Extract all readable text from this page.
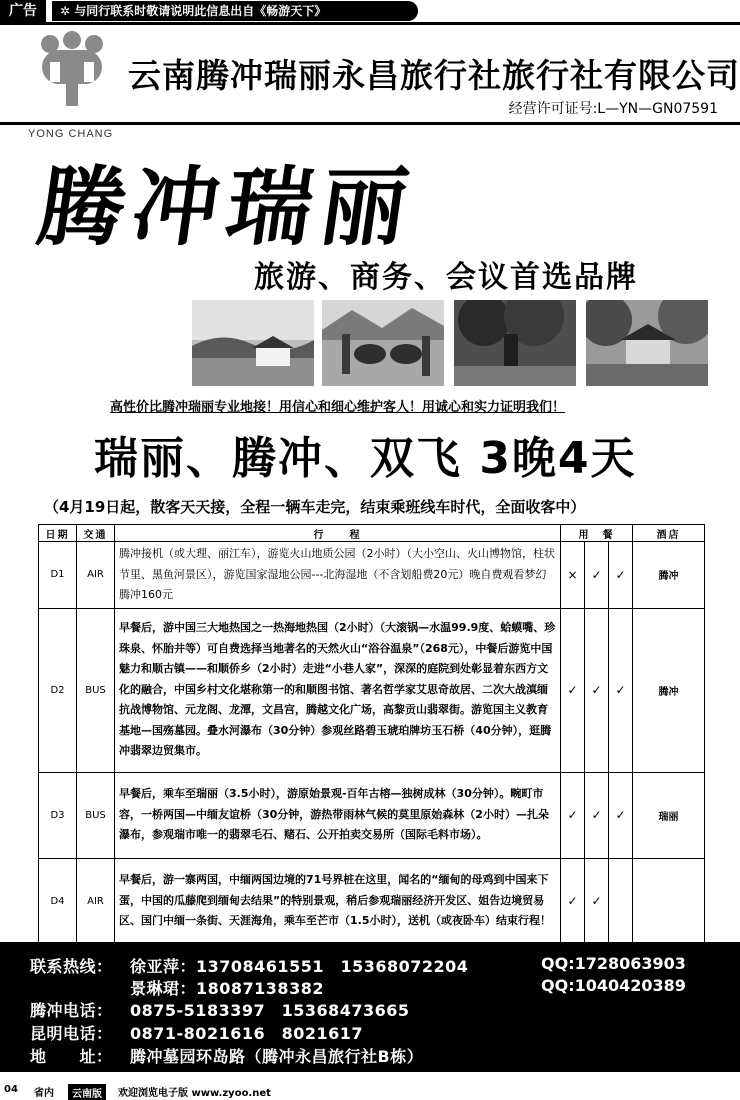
广告	✲ 与同行联系时敬请说明此信息出自《畅游天下》
YONG CHANG
云南腾冲瑞丽永昌旅行社旅行社有限公司
经营许可证号:L—YN—GN07591
腾冲瑞丽
旅游、商务、会议首选品牌
高性价比腾冲瑞丽专业地接！用信心和细心维护客人！用诚心和实力证明我们！
瑞丽、腾冲、双飞 3晚4天
（4月19日起，散客天天接，全程一辆车走完，结束乘班线车时代，全面收客中）
日期	交通	行　　程	用　餐			酒店
D1	AIR	腾冲接机（或大理、丽江车），游览火山地质公园（2小时）（大小空山、火山博物馆，柱状节里、黑鱼河景区），游览国家湿地公园---北海湿地（不含划船费20元）晚自费观看梦幻腾冲160元	×	✓	✓	腾冲
D2	BUS	早餐后，游中国三大地热国之一热海地热国（2小时）（大滚锅—水温99.9度、蛤蟆嘴、珍珠泉、怀胎井等）可自费选择当地著名的天然火山“浴谷温泉”（268元），中餐后游览中国魅力和顺古镇——和顺侨乡（2小时）走进“小巷人家”，深深的庭院到处彰显着东西方文化的融合，中国乡村文化堪称第一的和顺图书馆、著名哲学家艾思奇故居、二次大战滇缅抗战博物馆、元龙阁、龙潭，文昌宫，腾越文化广场，高黎贡山翡翠街。游览国主义教育基地—国殇墓园。叠水河瀑布（30分钟）参观丝路碧玉琥珀牌坊玉石桥（40分钟），逛腾冲翡翠边贸集市。	✓	✓	✓	腾冲
D3	BUS	早餐后，乘车至瑞丽（3.5小时），游原始景观-百年古榕—独树成林（30分钟）。畹町市容，一桥两国—中缅友谊桥（30分钟，游热带雨林气候的莫里原始森林（2小时）—扎朵瀑布，参观瑞市唯一的翡翠毛石、赌石、公开拍卖交易所（国际毛料市场）。	✓	✓	✓	瑞丽
D4	AIR	早餐后，游一寨两国，中缅两国边境的71号界桩在这里，闻名的“缅甸的母鸡到中国来下蛋，中国的瓜藤爬到缅甸去结果”的特别景观，稍后参观瑞丽经济开发区、姐告边境贸易区、国门中缅一条街、天涯海角，乘车至芒市（1.5小时），送机（或夜卧车）结束行程！	✓	✓		
联系热线： 徐亚萍：13708461551　15368072204	QQ:1728063903
景琳珺：18087138382	QQ:1040420389
腾冲电话： 0875-5183397　15368473665
昆明电话： 0871-8021616　8021617
地　　址： 腾冲墓园环岛路（腾冲永昌旅行社B栋）
04 省内	云南版	欢迎浏览电子版 www.zyoo.net
